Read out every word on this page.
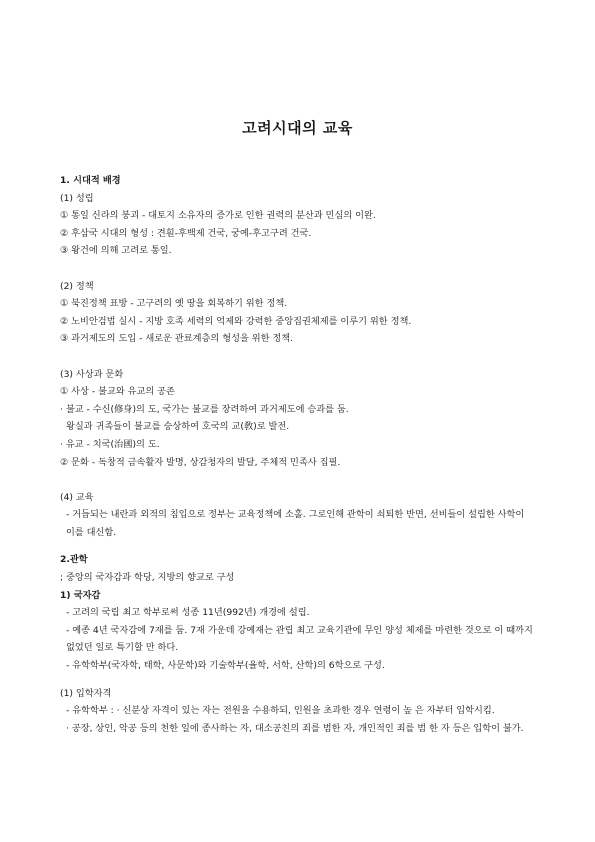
고려시대의 교육
1. 시대적 배경
(1) 성립
① 통일 신라의 붕괴 - 대토지 소유자의 증가로 인한 권력의 분산과 민심의 이완.
② 후삼국 시대의 형성 : 견훤-후백제 건국, 궁예-후고구려 건국.
③ 왕건에 의해 고려로 통일.
(2) 정책
① 북진정책 표방 - 고구려의 옛 땅을 회복하기 위한 정책.
② 노비안검법 실시 - 지방 호족 세력의 억제와 강력한 중앙집권체제를 이루기 위한 정책.
③ 과거제도의 도입 - 새로운 관료계층의 형성을 위한 정책.
(3) 사상과 문화
① 사상 - 불교와 유교의 공존
· 불교 - 수신(修身)의 도, 국가는 불교를 장려하여 과거제도에 승과를 둠.
왕실과 귀족들이 불교를 숭상하여 호국의 교(敎)로 발전.
· 유교 - 치국(治國)의 도.
② 문화 - 독창적 금속활자 발명, 상감청자의 발달, 주체적 민족사 집필.
(4) 교육
- 거듭되는 내란과 외적의 침입으로 정부는 교육정책에 소홀. 그로인해 관학이 쇠퇴한 반면, 선비들이 설립한 사학이 이를 대신함.
2.관학
; 중앙의 국자감과 학당, 지방의 향교로 구성
1) 국자감
- 고려의 국립 최고 학부로써 성종 11년(992년) 개경에 설립.
- 예종 4년 국자감에 7재를 둠. 7재 가운데 강예재는 관립 최고 교육기관에 무인 양성 체제를 마련한 것으로 이 때까지 없었던 일로 특기할 만 하다.
- 유학학부(국자학, 태학, 사문학)와 기술학부(율학, 서학, 산학)의 6학으로 구성.
(1) 입학자격
- 유학학부 : · 신분상 자격이 있는 자는 전원을 수용하되, 인원을 초과한 경우 연령이 높 은 자부터 입학시킴.
· 공장, 상인, 악공 등의 천한 일에 종사하는 자, 대소공친의 죄를 범한 자, 개인적인 죄를 범 한 자 등은 입학이 불가.
